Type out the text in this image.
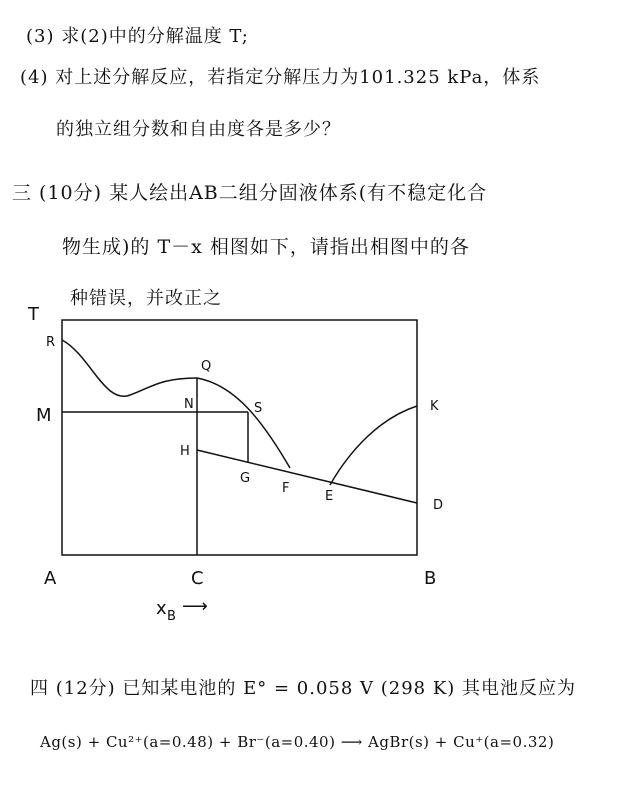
(3) 求(2)中的分解温度 T;
(4) 对上述分解反应，若指定分解压力为101.325 kPa，体系
的独立组分数和自由度各是多少？
三 (10分) 某人绘出AB二组分固液体系(有不稳定化合
物生成)的 T－x 相图如下，请指出相图中的各
种错误，并改正之
T
R
Q
N	S	K
M
H
G
F
E
D
A	C	B
x B ⟶
四 (12分) 已知某电池的 E° = 0.058 V (298 K) 其电池反应为
Ag(s) + Cu²⁺(a=0.48) + Br⁻(a=0.40) ⟶ AgBr(s) + Cu⁺(a=0.32)
